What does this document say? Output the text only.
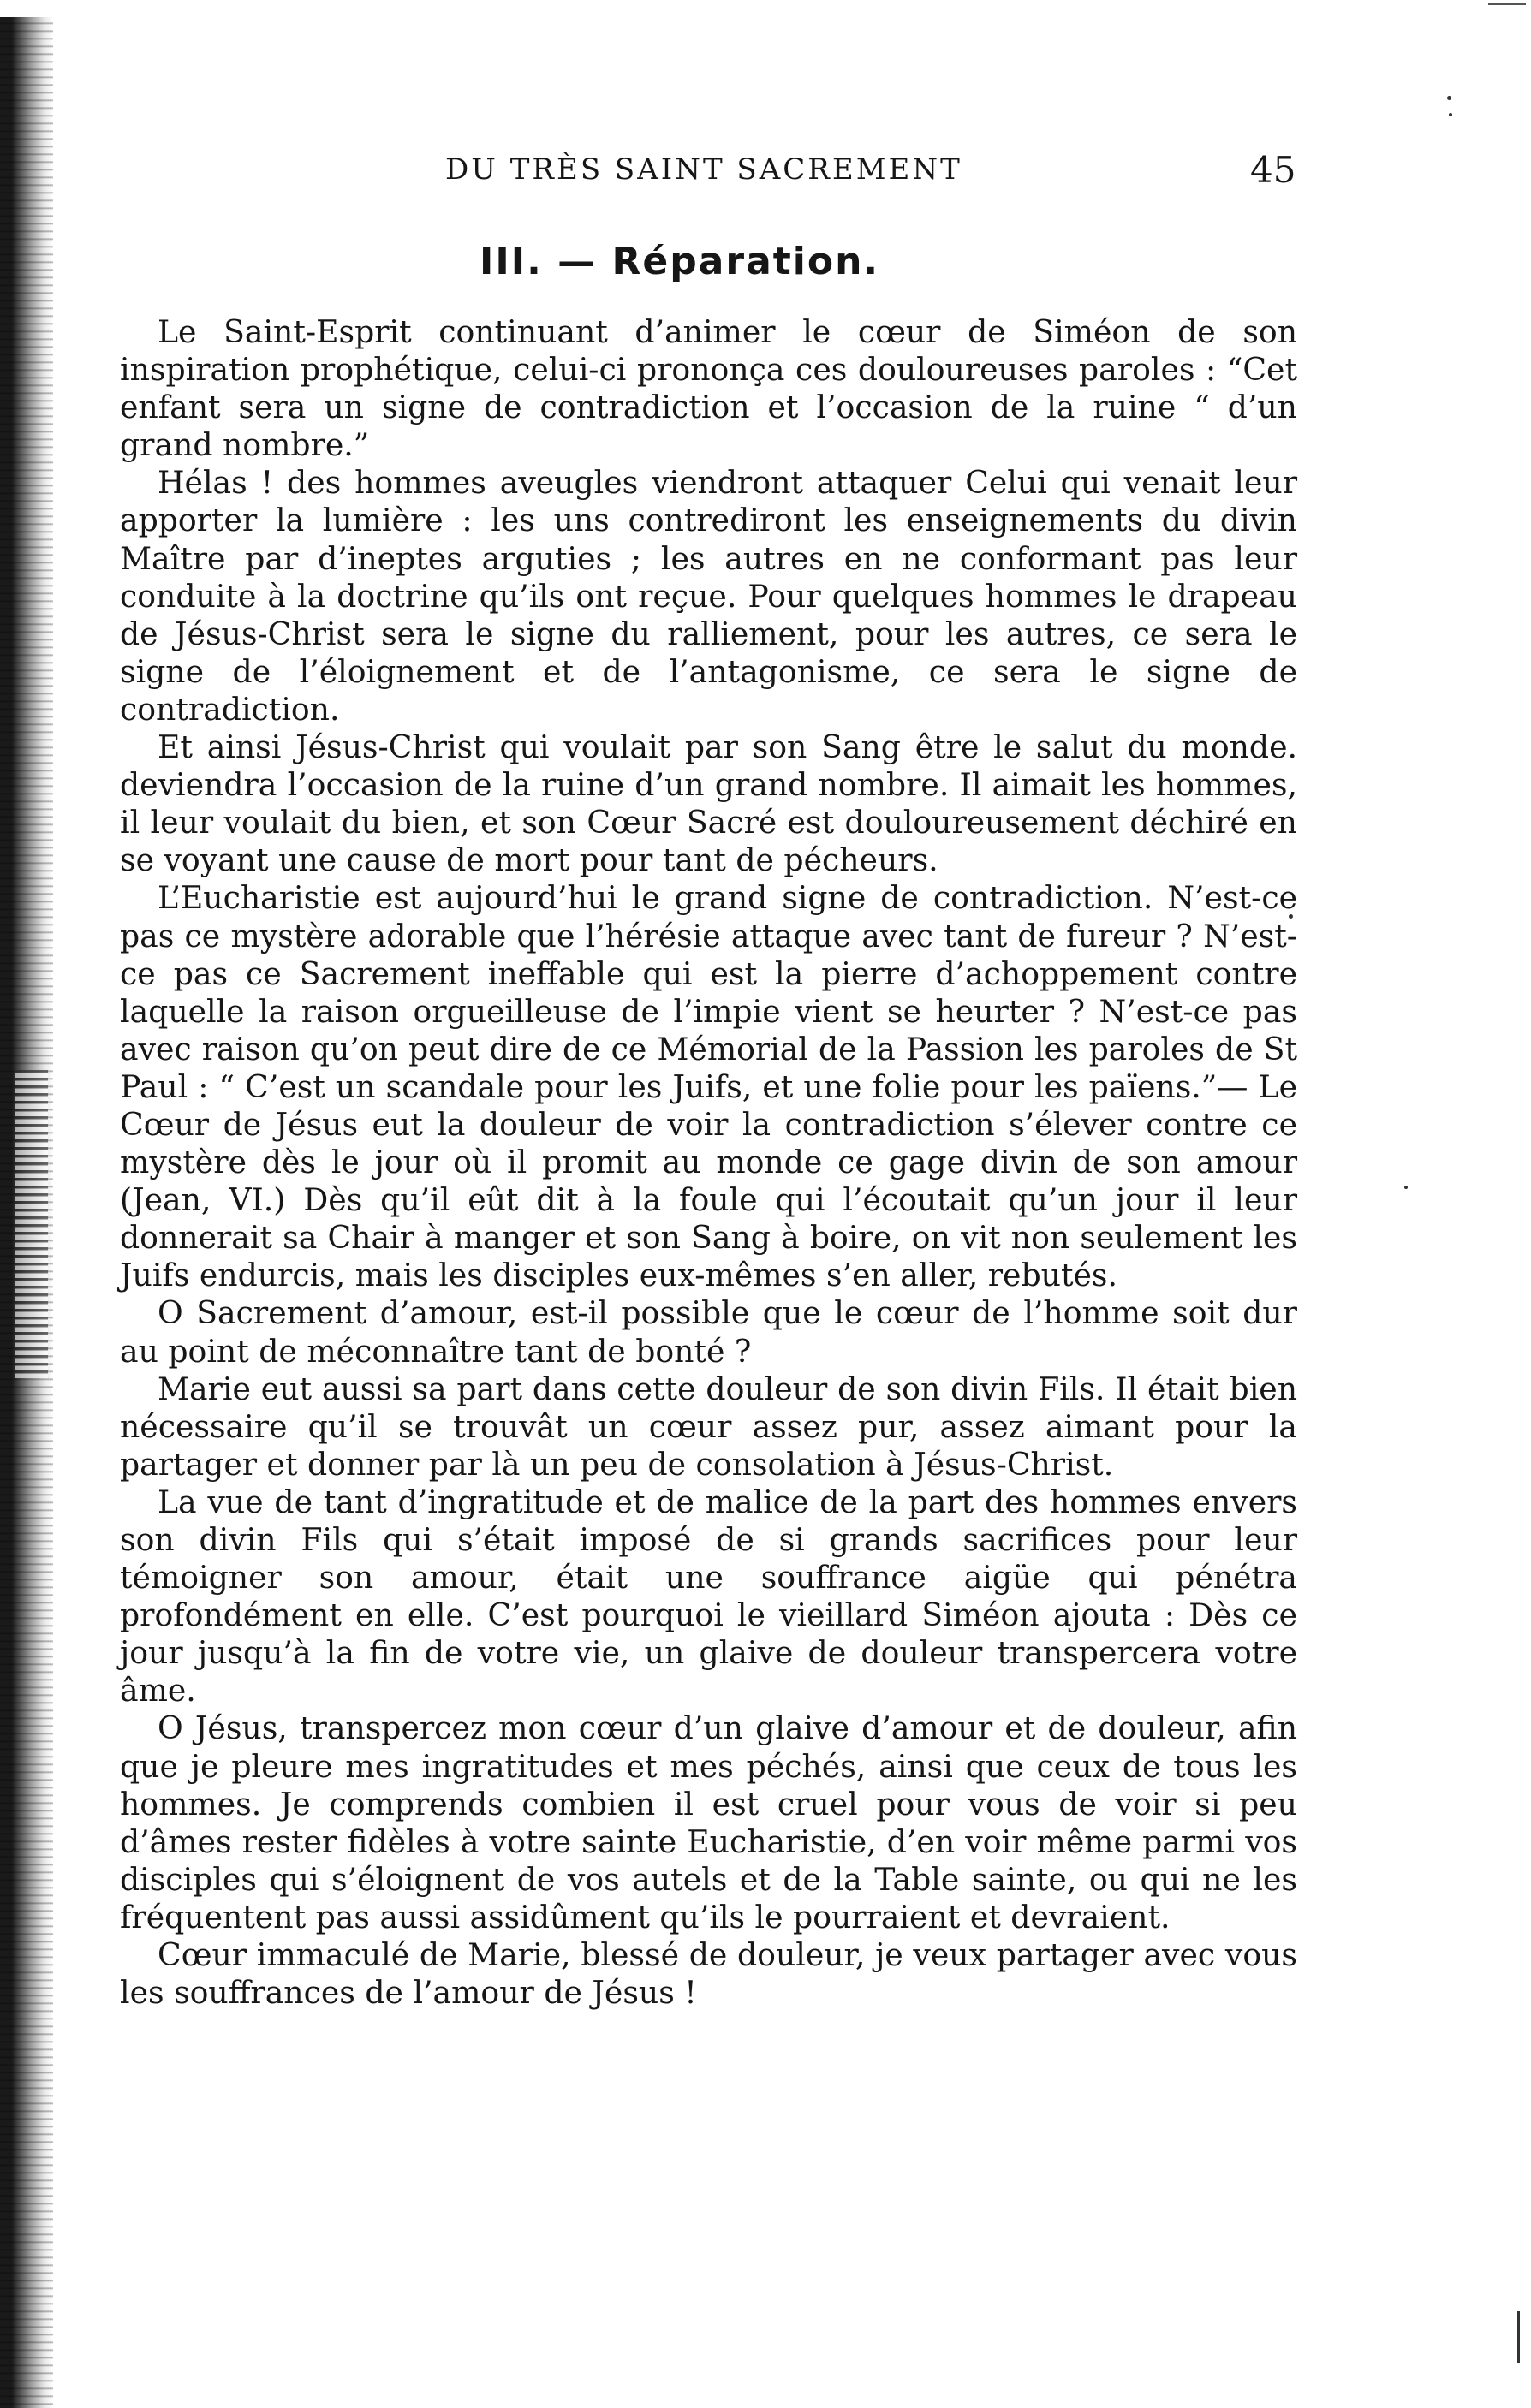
DU TRÈS SAINT SACREMENT	45
III. — Réparation.

Le Saint-Esprit continuant d’animer le cœur de Siméon de son inspiration prophétique, celui-ci prononça ces douloureuses paroles : “Cet enfant sera un signe de contradiction et l’occasion de la ruine “ d’un grand nombre.”

Hélas ! des hommes aveugles viendront attaquer Celui qui venait leur apporter la lumière : les uns contrediront les enseignements du divin Maître par d’ineptes arguties ; les autres en ne conformant pas leur conduite à la doctrine qu’ils ont reçue. Pour quelques hommes le drapeau de Jésus-Christ sera le signe du ralliement, pour les autres, ce sera le signe de l’éloignement et de l’antagonisme, ce sera le signe de contradiction.

Et ainsi Jésus-Christ qui voulait par son Sang être le salut du monde. deviendra l’occasion de la ruine d’un grand nombre. Il aimait les hommes, il leur voulait du bien, et son Cœur Sacré est douloureusement déchiré en se voyant une cause de mort pour tant de pécheurs.

L’Eucharistie est aujourd’hui le grand signe de contradiction. N’est-ce pas ce mystère adorable que l’hérésie attaque avec tant de fureur ? N’est-ce pas ce Sacrement ineffable qui est la pierre d’achoppement contre laquelle la raison orgueilleuse de l’impie vient se heurter ? N’est-ce pas avec raison qu’on peut dire de ce Mémorial de la Passion les paroles de St Paul : “ C’est un scandale pour les Juifs, et une folie pour les païens.”— Le Cœur de Jésus eut la douleur de voir la contradiction s’élever contre ce mystère dès le jour où il promit au monde ce gage divin de son amour (Jean, VI.) Dès qu’il eût dit à la foule qui l’écoutait qu’un jour il leur donnerait sa Chair à manger et son Sang à boire, on vit non seulement les Juifs endurcis, mais les disciples eux-mêmes s’en aller, rebutés.

O Sacrement d’amour, est-il possible que le cœur de l’homme soit dur au point de méconnaître tant de bonté ?

Marie eut aussi sa part dans cette douleur de son divin Fils. Il était bien nécessaire qu’il se trouvât un cœur assez pur, assez aimant pour la partager et donner par là un peu de consolation à Jésus-Christ.

La vue de tant d’ingratitude et de malice de la part des hommes envers son divin Fils qui s’était imposé de si grands sacrifices pour leur témoigner son amour, était une souffrance aigüe qui pénétra profondément en elle. C’est pourquoi le vieillard Siméon ajouta : Dès ce jour jusqu’à la fin de votre vie, un glaive de douleur transpercera votre âme.

O Jésus, transpercez mon cœur d’un glaive d’amour et de douleur, afin que je pleure mes ingratitudes et mes péchés, ainsi que ceux de tous les hommes. Je comprends combien il est cruel pour vous de voir si peu d’âmes rester fidèles à votre sainte Eucharistie, d’en voir même parmi vos disciples qui s’éloignent de vos autels et de la Table sainte, ou qui ne les fréquentent pas aussi assidûment qu’ils le pourraient et devraient.

Cœur immaculé de Marie, blessé de douleur, je veux partager avec vous les souffrances de l’amour de Jésus !
